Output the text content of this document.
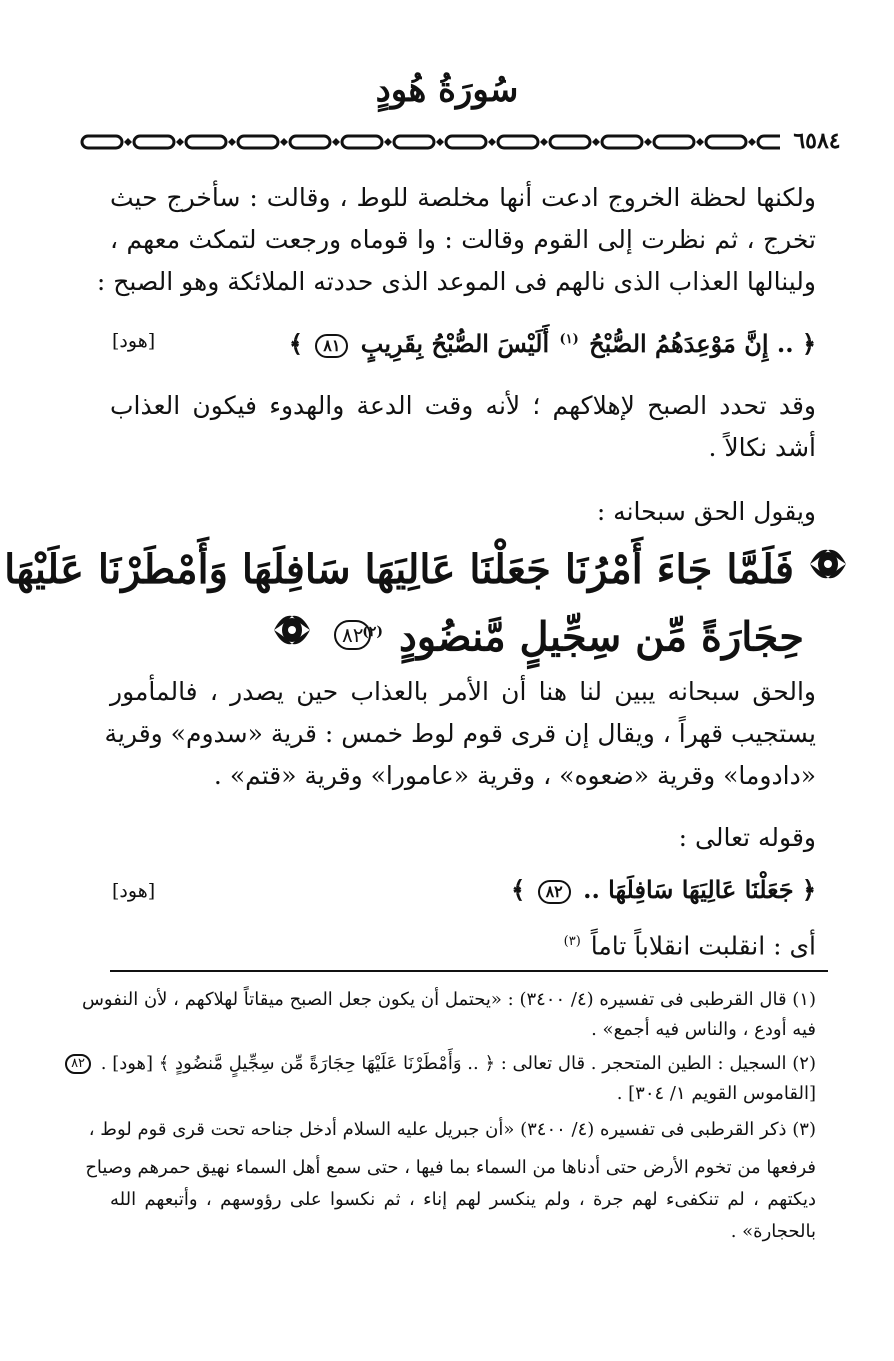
سُورَةُ هُودٍ
٦٥٨٤
ولكنها لحظة الخروج ادعت أنها مخلصة للوط ، وقالت : سأخرج حيث
تخرج ، ثم نظرت إلى القوم وقالت : وا قوماه ورجعت لتمكث معهم ،
ولينالها العذاب الذى نالهم فى الموعد الذى حددته الملائكة وهو الصبح :
﴿ .. إِنَّ مَوْعِدَهُمُ الصُّبْحُ $^{(١)}$ أَلَيْسَ الصُّبْحُ بِقَرِيبٍ ٨١ ﴾
[هود]
وقد تحدد الصبح لإهلاكهم ؛ لأنه وقت الدعة والهدوء فيكون العذاب
أشد نكالاً .
ويقول الحق سبحانه :
فَلَمَّا جَاءَ أَمْرُنَا جَعَلْنَا عَالِيَهَا سَافِلَهَا وَأَمْطَرْنَا عَلَيْهَا
حِجَارَةً مِّن سِجِّيلٍ مَّنضُودٍ $^{(٢)}$
٨٢
والحق سبحانه يبين لنا هنا أن الأمر بالعذاب حين يصدر ، فالمأمور
يستجيب قهراً ، ويقال إن قرى قوم لوط خمس : قرية «سدوم» وقرية
«دادوما» وقرية «ضعوه» ، وقرية «عامورا» وقرية «قتم» .
وقوله تعالى :
﴿ جَعَلْنَا عَالِيَهَا سَافِلَهَا .. ٨٢ ﴾
[هود]
أى : انقلبت انقلاباً تاماً $^{(٣)}$
(١) قال القرطبى فى تفسيره (٤/ ٣٤٠٠) : «يحتمل أن يكون جعل الصبح ميقاتاً لهلاكهم ، لأن النفوس
فيه أودع ، والناس فيه أجمع» .
(٢) السجيل : الطين المتحجر . قال تعالى : ﴿ .. وَأَمْطَرْنَا عَلَيْهَا حِجَارَةً مِّن سِجِّيلٍ مَّنضُودٍ ﴾ [هود] . ٨٢
[القاموس القويم ١/ ٣٠٤] .
(٣) ذكر القرطبى فى تفسيره (٤/ ٣٤٠٠) «أن جبريل عليه السلام أدخل جناحه تحت قرى قوم لوط ،
فرفعها من تخوم الأرض حتى أدناها من السماء بما فيها ، حتى سمع أهل السماء نهيق حمرهم وصياح
ديكتهم ، لم تنكفىء لهم جرة ، ولم ينكسر لهم إناء ، ثم نكسوا على رؤوسهم ، وأتبعهم الله
بالحجارة» .
